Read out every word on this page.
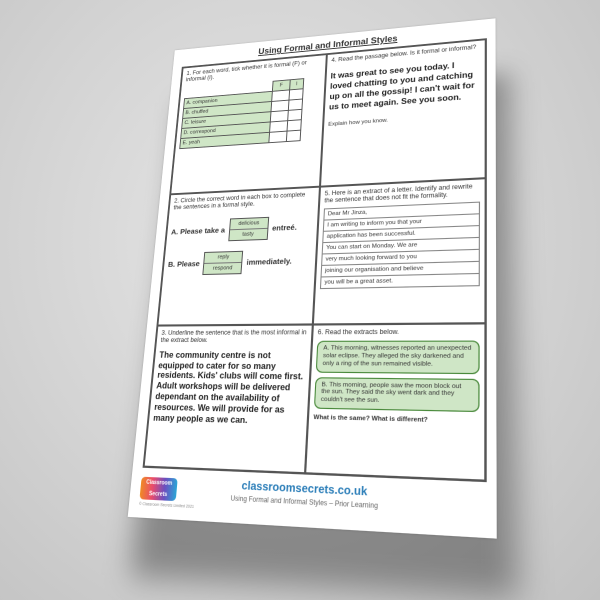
Using Formal and Informal Styles
1. For each word, tick whether it is formal (F) or informal (I).
	F	I
A. companion		
B. chuffed		
C. leisure		
D. correspond		
E. yeah		
4. Read the passage below. Is it formal or informal?
It was great to see you today. I loved chatting to you and catching up on all the gossip! I can't wait for us to meet again. See you soon.
Explain how you know.
2. Circle the correct word in each box to complete the sentences in a formal style.
A. Please take a
delicious
tasty
entreé.
B. Please
reply
respond
immediately.
5. Here is an extract of a letter. Identify and rewrite the sentence that does not fit the formality.
Dear Mr Jinza,
I am writing to inform you that your
application has been successful.
You can start on Monday. We are
very much looking forward to you
joining our organisation and believe
you will be a great asset.
3. Underline the sentence that is the most informal in the extract below.
The community centre is not equipped to cater for so many residents. Kids' clubs will come first. Adult workshops will be delivered dependant on the availability of resources. We will provide for as many people as we can.
6. Read the extracts below.
A. This morning, witnesses reported an unexpected solar eclipse. They alleged the sky darkened and only a ring of the sun remained visible.
B. This morning, people saw the moon block out the sun. They said the sky went dark and they couldn't see the sun.
What is the same? What is different?
Classroom Secrets
© Classroom Secrets Limited 2021
classroomsecrets.co.uk
Using Formal and Informal Styles – Prior Learning
